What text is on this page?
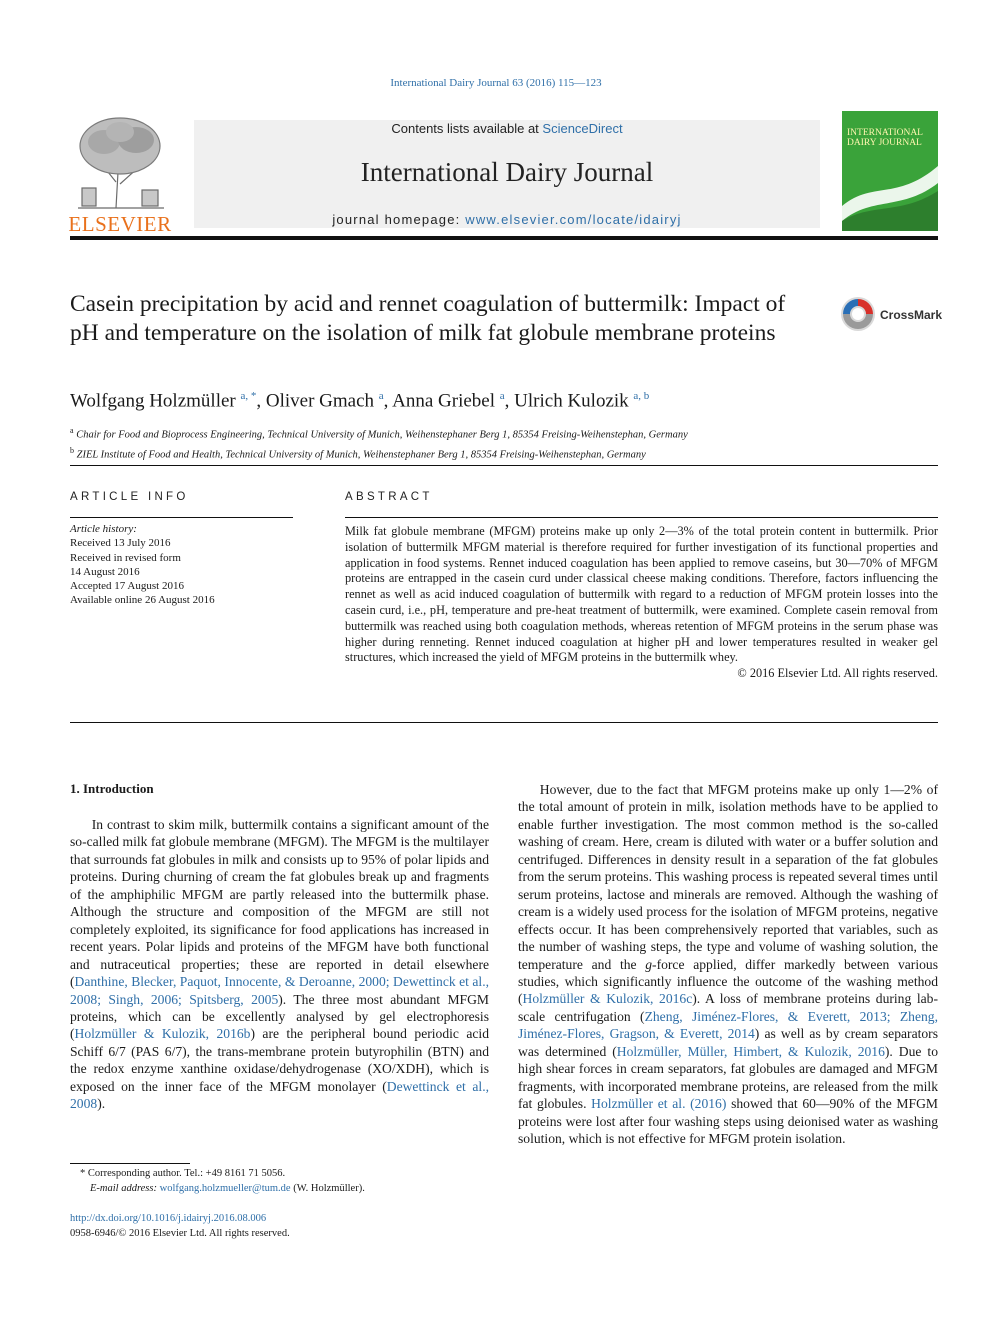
International Dairy Journal 63 (2016) 115—123
ELSEVIER
Contents lists available at ScienceDirect
International Dairy Journal
journal homepage: www.elsevier.com/locate/idairyj
INTERNATIONAL DAIRY JOURNAL
Casein precipitation by acid and rennet coagulation of buttermilk: Impact of pH and temperature on the isolation of milk fat globule membrane proteins
CrossMark
Wolfgang Holzmüller $^{a, *}$, Oliver Gmach $^a$, Anna Griebel $^a$, Ulrich Kulozik $^{a, b}$
$^a$ Chair for Food and Bioprocess Engineering, Technical University of Munich, Weihenstephaner Berg 1, 85354 Freising-Weihenstephan, Germany
$^b$ ZIEL Institute of Food and Health, Technical University of Munich, Weihenstephaner Berg 1, 85354 Freising-Weihenstephan, Germany
ARTICLE INFO
Article history:
Received 13 July 2016
Received in revised form
14 August 2016
Accepted 17 August 2016
Available online 26 August 2016
ABSTRACT
Milk fat globule membrane (MFGM) proteins make up only 2—3% of the total protein content in buttermilk. Prior isolation of buttermilk MFGM material is therefore required for further investigation of its functional properties and application in food systems. Rennet induced coagulation has been applied to remove caseins, but 30—70% of MFGM proteins are entrapped in the casein curd under classical cheese making conditions. Therefore, factors influencing the rennet as well as acid induced coagulation of buttermilk with regard to a reduction of MFGM protein losses into the casein curd, i.e., pH, temperature and pre-heat treatment of buttermilk, were examined. Complete casein removal from buttermilk was reached using both coagulation methods, whereas retention of MFGM proteins in the serum phase was higher during renneting. Rennet induced coagulation at higher pH and lower temperatures resulted in weaker gel structures, which increased the yield of MFGM proteins in the buttermilk whey.
© 2016 Elsevier Ltd. All rights reserved.
1. Introduction

In contrast to skim milk, buttermilk contains a significant amount of the so-called milk fat globule membrane (MFGM). The MFGM is the multilayer that surrounds fat globules in milk and consists up to 95% of polar lipids and proteins. During churning of cream the fat globules break up and fragments of the amphiphilic MFGM are partly released into the buttermilk phase. Although the structure and composition of the MFGM are still not completely exploited, its significance for food applications has increased in recent years. Polar lipids and proteins of the MFGM have both functional and nutraceutical properties; these are reported in detail elsewhere (Danthine, Blecker, Paquot, Innocente, & Deroanne, 2000; Dewettinck et al., 2008; Singh, 2006; Spitsberg, 2005). The three most abundant MFGM proteins, which can be excellently analysed by gel electrophoresis (Holzmüller & Kulozik, 2016b) are the peripheral bound periodic acid Schiff 6/7 (PAS 6/7), the trans-membrane protein butyrophilin (BTN) and the redox enzyme xanthine oxidase/dehydrogenase (XO/XDH), which is exposed on the inner face of the MFGM monolayer (Dewettinck et al., 2008).

However, due to the fact that MFGM proteins make up only 1—2% of the total amount of protein in milk, isolation methods have to be applied to enable further investigation. The most common method is the so-called washing of cream. Here, cream is diluted with water or a buffer solution and centrifuged. Differences in density result in a separation of the fat globules from the serum proteins. This washing process is repeated several times until serum proteins, lactose and minerals are removed. Although the washing of cream is a widely used process for the isolation of MFGM proteins, negative effects occur. It has been comprehensively reported that variables, such as the number of washing steps, the type and volume of washing solution, the temperature and the g-force applied, differ markedly between various studies, which significantly influence the outcome of the washing method (Holzmüller & Kulozik, 2016c). A loss of membrane proteins during lab-scale centrifugation (Zheng, Jiménez-Flores, & Everett, 2013; Zheng, Jiménez-Flores, Gragson, & Everett, 2014) as well as by cream separators was determined (Holzmüller, Müller, Himbert, & Kulozik, 2016). Due to high shear forces in cream separators, fat globules are damaged and MFGM fragments, with incorporated membrane proteins, are released from the milk fat globules. Holzmüller et al. (2016) showed that 60—90% of the MFGM proteins were lost after four washing steps using deionised water as washing solution, which is not effective for MFGM protein isolation.

* Corresponding author. Tel.: +49 8161 71 5056.
E-mail address: wolfgang.holzmueller@tum.de (W. Holzmüller).
http://dx.doi.org/10.1016/j.idairyj.2016.08.006
0958-6946/© 2016 Elsevier Ltd. All rights reserved.
